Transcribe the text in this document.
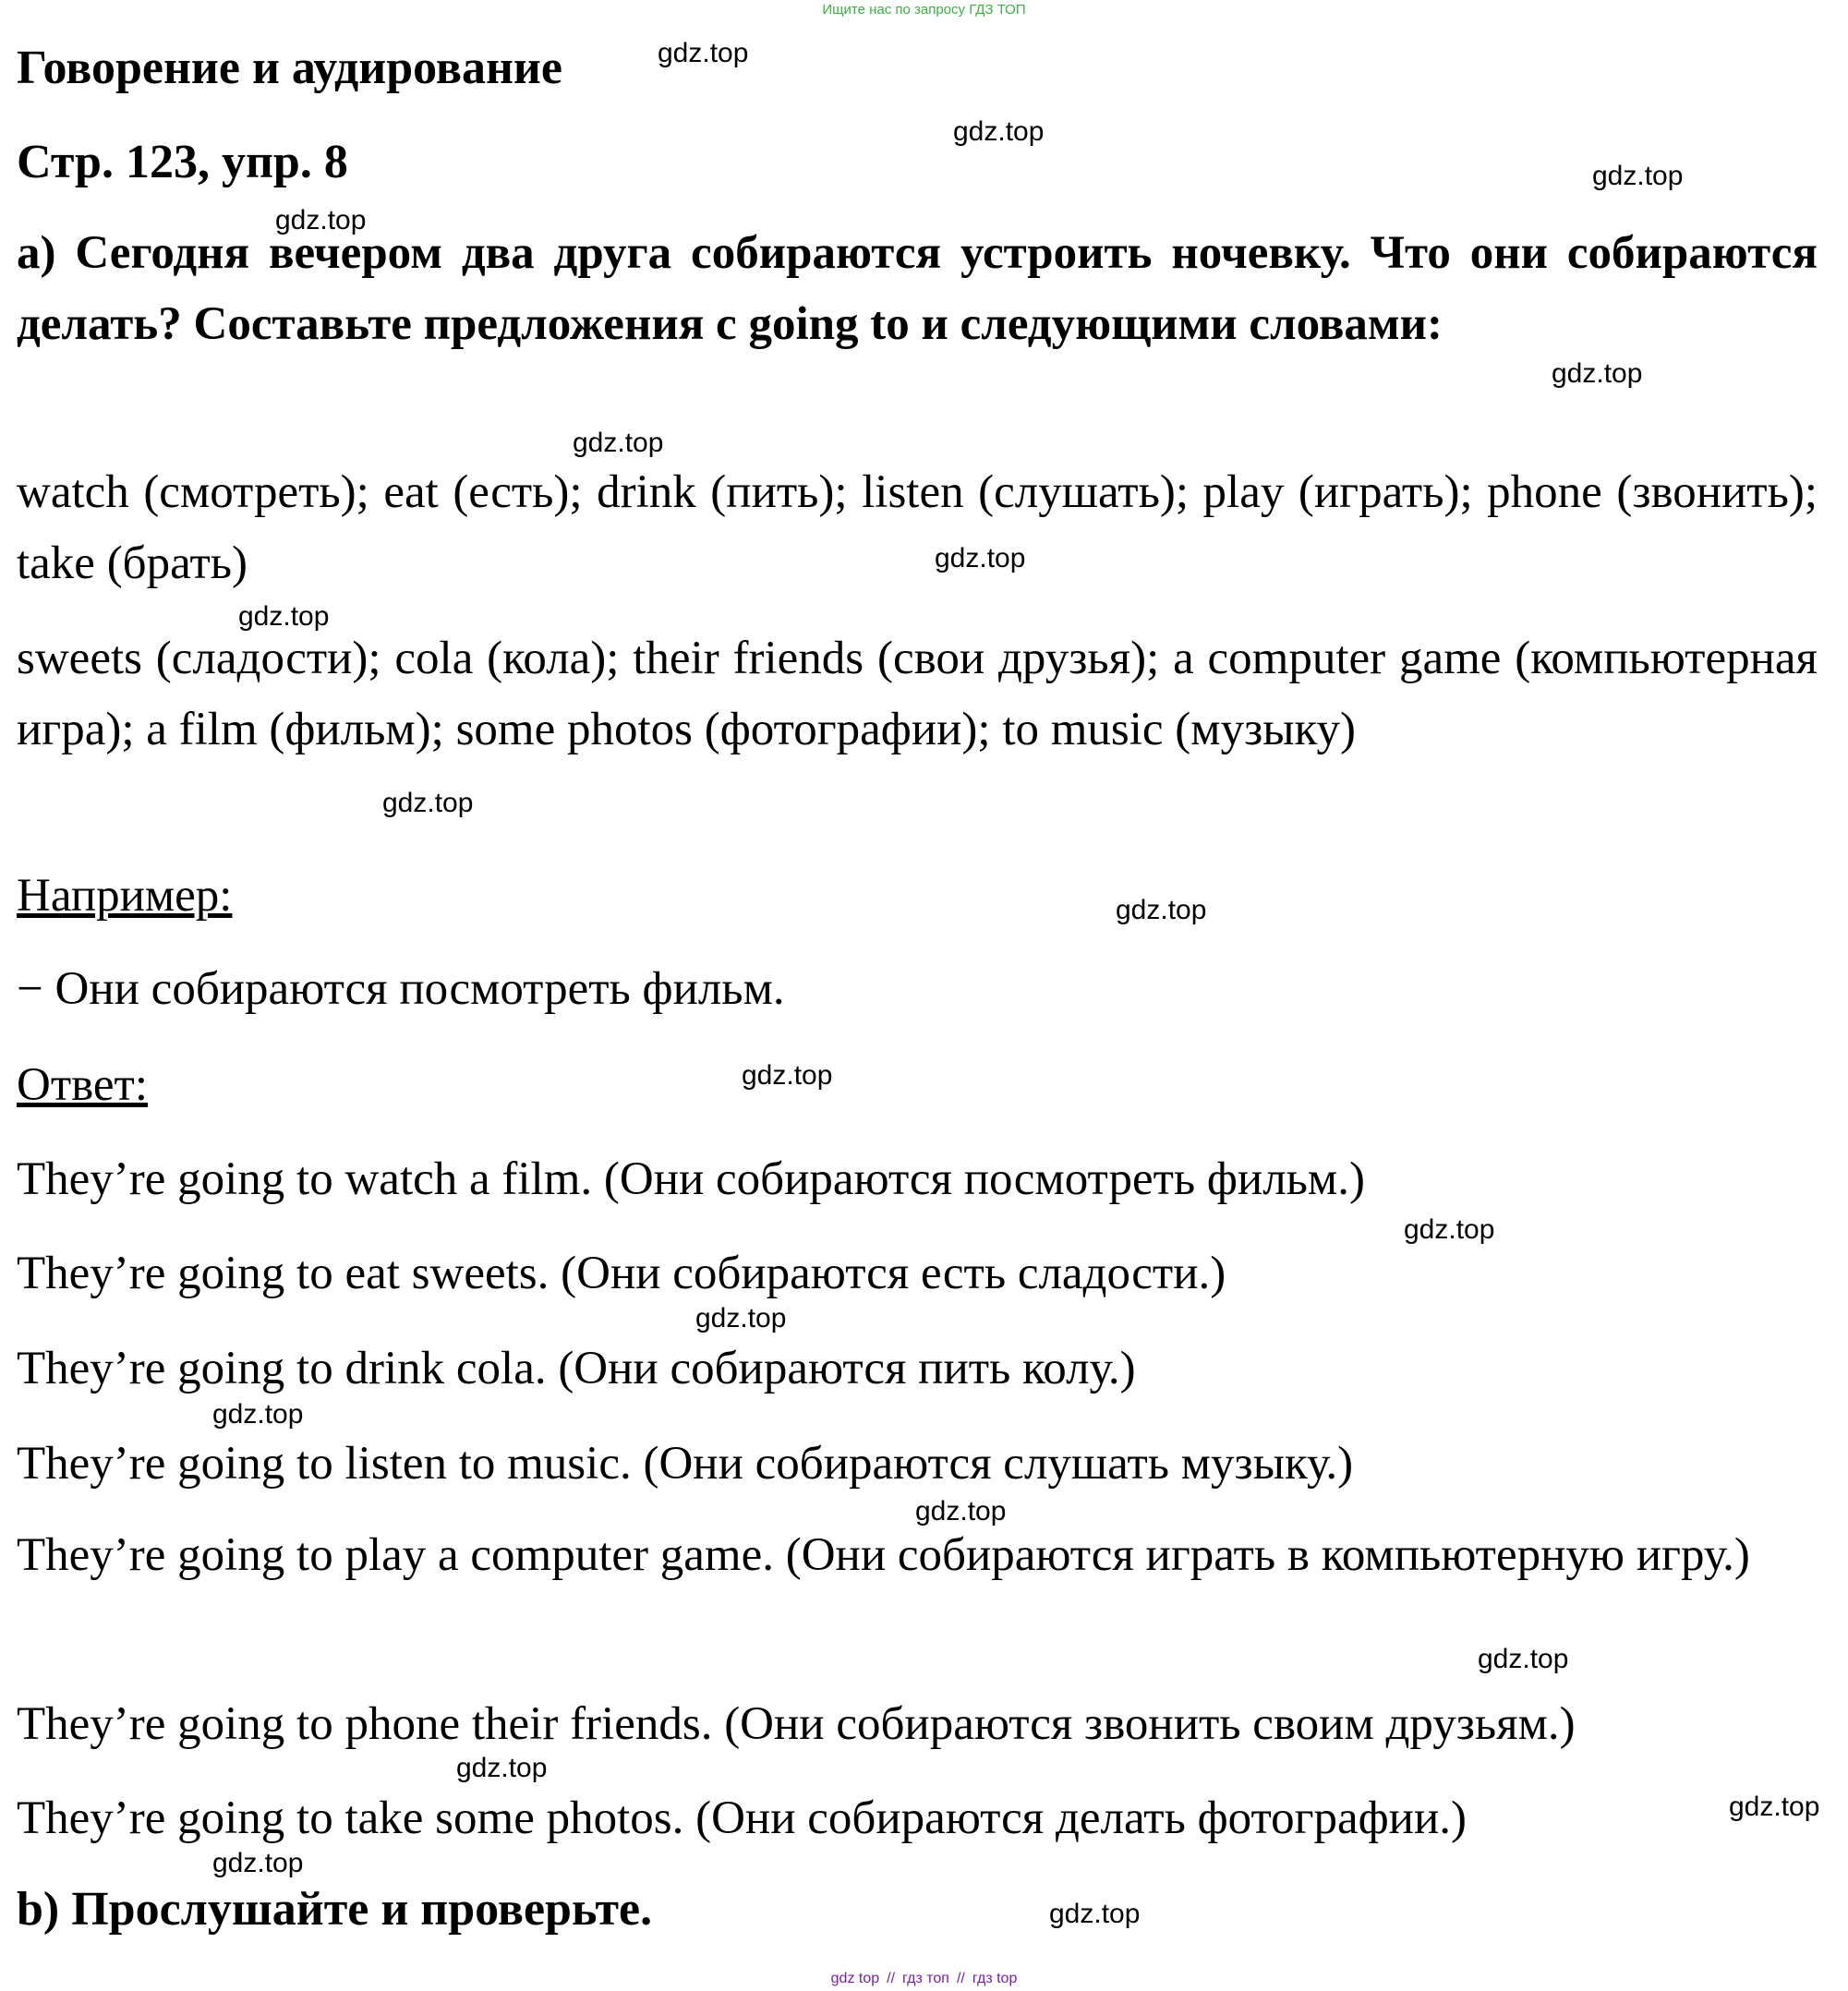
Ищите нас по запросу ГДЗ ТОП
Говорение и аудирование
Стр. 123, упр. 8
a) Сегодня вечером два друга собираются устроить ночевку. Что они собираются делать? Составьте предложения с going to и следующими словами:
watch (смотреть); eat (есть); drink (пить); listen (слушать); play (играть); phone (звонить); take (брать)
sweets (сладости); cola (кола); their friends (свои друзья); a computer game (компьютерная игра); a film (фильм); some photos (фотографии); to music (музыку)
Например:
− Они собираются посмотреть фильм.
Ответ:
They’re going to watch a film. (Они собираются посмотреть фильм.)
They’re going to eat sweets. (Они собираются есть сладости.)
They’re going to drink cola. (Они собираются пить колу.)
They’re going to listen to music. (Они собираются слушать музыку.)
They’re going to play a computer game. (Они собираются играть в компьютерную игру.)
They’re going to phone their friends. (Они собираются звонить своим друзьям.)
They’re going to take some photos. (Они собираются делать фотографии.)
b) Прослушайте и проверьте.
gdz.top
gdz.top
gdz.top
gdz.top
gdz.top
gdz.top
gdz.top
gdz.top
gdz.top
gdz.top
gdz.top
gdz.top
gdz.top
gdz.top
gdz.top
gdz.top
gdz.top
gdz.top
gdz.top
gdz.top
gdz top // гдз топ // гдз top
